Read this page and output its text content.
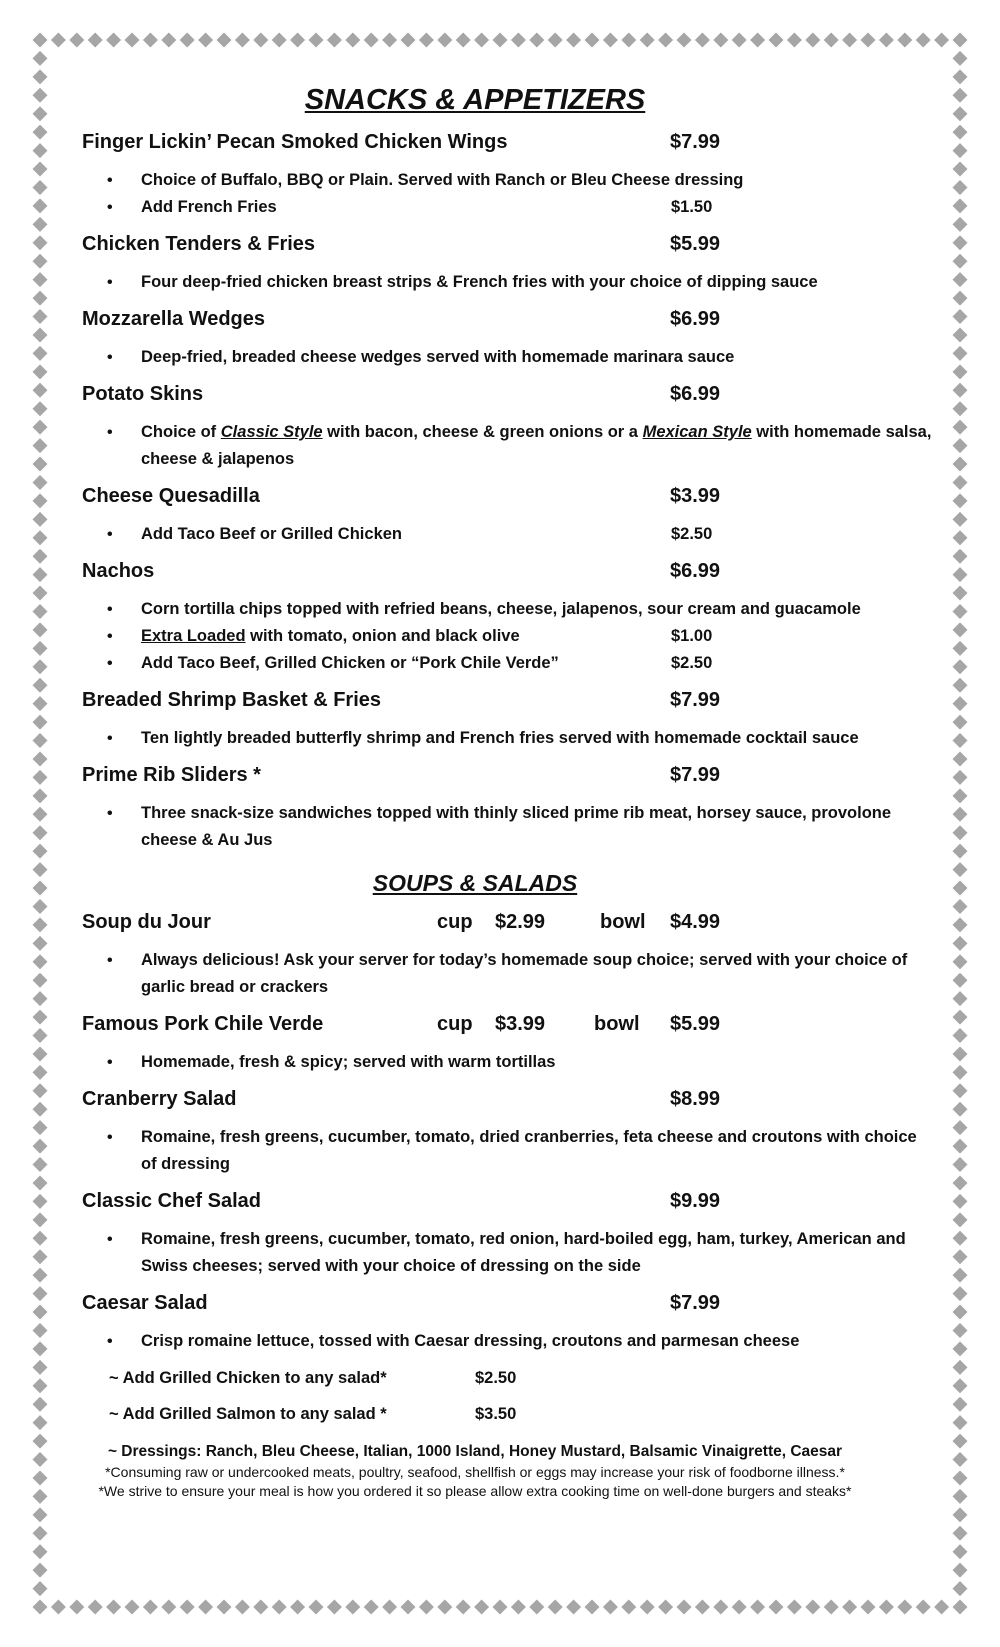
SNACKS & APPETIZERS
Finger Lickin’ Pecan Smoked Chicken Wings	$7.99
• Choice of Buffalo, BBQ or Plain. Served with Ranch or Bleu Cheese dressing
• Add French Fries	$1.50
Chicken Tenders & Fries	$5.99
• Four deep-fried chicken breast strips & French fries with your choice of dipping sauce
Mozzarella Wedges	$6.99
• Deep-fried, breaded cheese wedges served with homemade marinara sauce
Potato Skins	$6.99
• Choice of Classic Style with bacon, cheese & green onions or a Mexican Style with homemade salsa, cheese & jalapenos
Cheese Quesadilla	$3.99
• Add Taco Beef or Grilled Chicken	$2.50
Nachos	$6.99
• Corn tortilla chips topped with refried beans, cheese, jalapenos, sour cream and guacamole
• Extra Loaded with tomato, onion and black olive	$1.00
• Add Taco Beef, Grilled Chicken or “Pork Chile Verde”	$2.50
Breaded Shrimp Basket & Fries	$7.99
• Ten lightly breaded butterfly shrimp and French fries served with homemade cocktail sauce
Prime Rib Sliders *	$7.99
• Three snack-size sandwiches topped with thinly sliced prime rib meat, horsey sauce, provolone cheese & Au Jus
SOUPS & SALADS
Soup du Jour	cup	$2.99	bowl	$4.99
• Always delicious! Ask your server for today’s homemade soup choice; served with your choice of garlic bread or crackers
Famous Pork Chile Verde	cup	$3.99	bowl	$5.99
• Homemade, fresh & spicy; served with warm tortillas
Cranberry Salad	$8.99
• Romaine, fresh greens, cucumber, tomato, dried cranberries, feta cheese and croutons with choice of dressing
Classic Chef Salad	$9.99
• Romaine, fresh greens, cucumber, tomato, red onion, hard-boiled egg, ham, turkey, American and Swiss cheeses; served with your choice of dressing on the side
Caesar Salad	$7.99
• Crisp romaine lettuce, tossed with Caesar dressing, croutons and parmesan cheese
~ Add Grilled Chicken to any salad*	$2.50
~ Add Grilled Salmon to any salad *	$3.50
~ Dressings: Ranch, Bleu Cheese, Italian, 1000 Island, Honey Mustard, Balsamic Vinaigrette, Caesar
*Consuming raw or undercooked meats, poultry, seafood, shellfish or eggs may increase your risk of foodborne illness.*
*We strive to ensure your meal is how you ordered it so please allow extra cooking time on well-done burgers and steaks*
